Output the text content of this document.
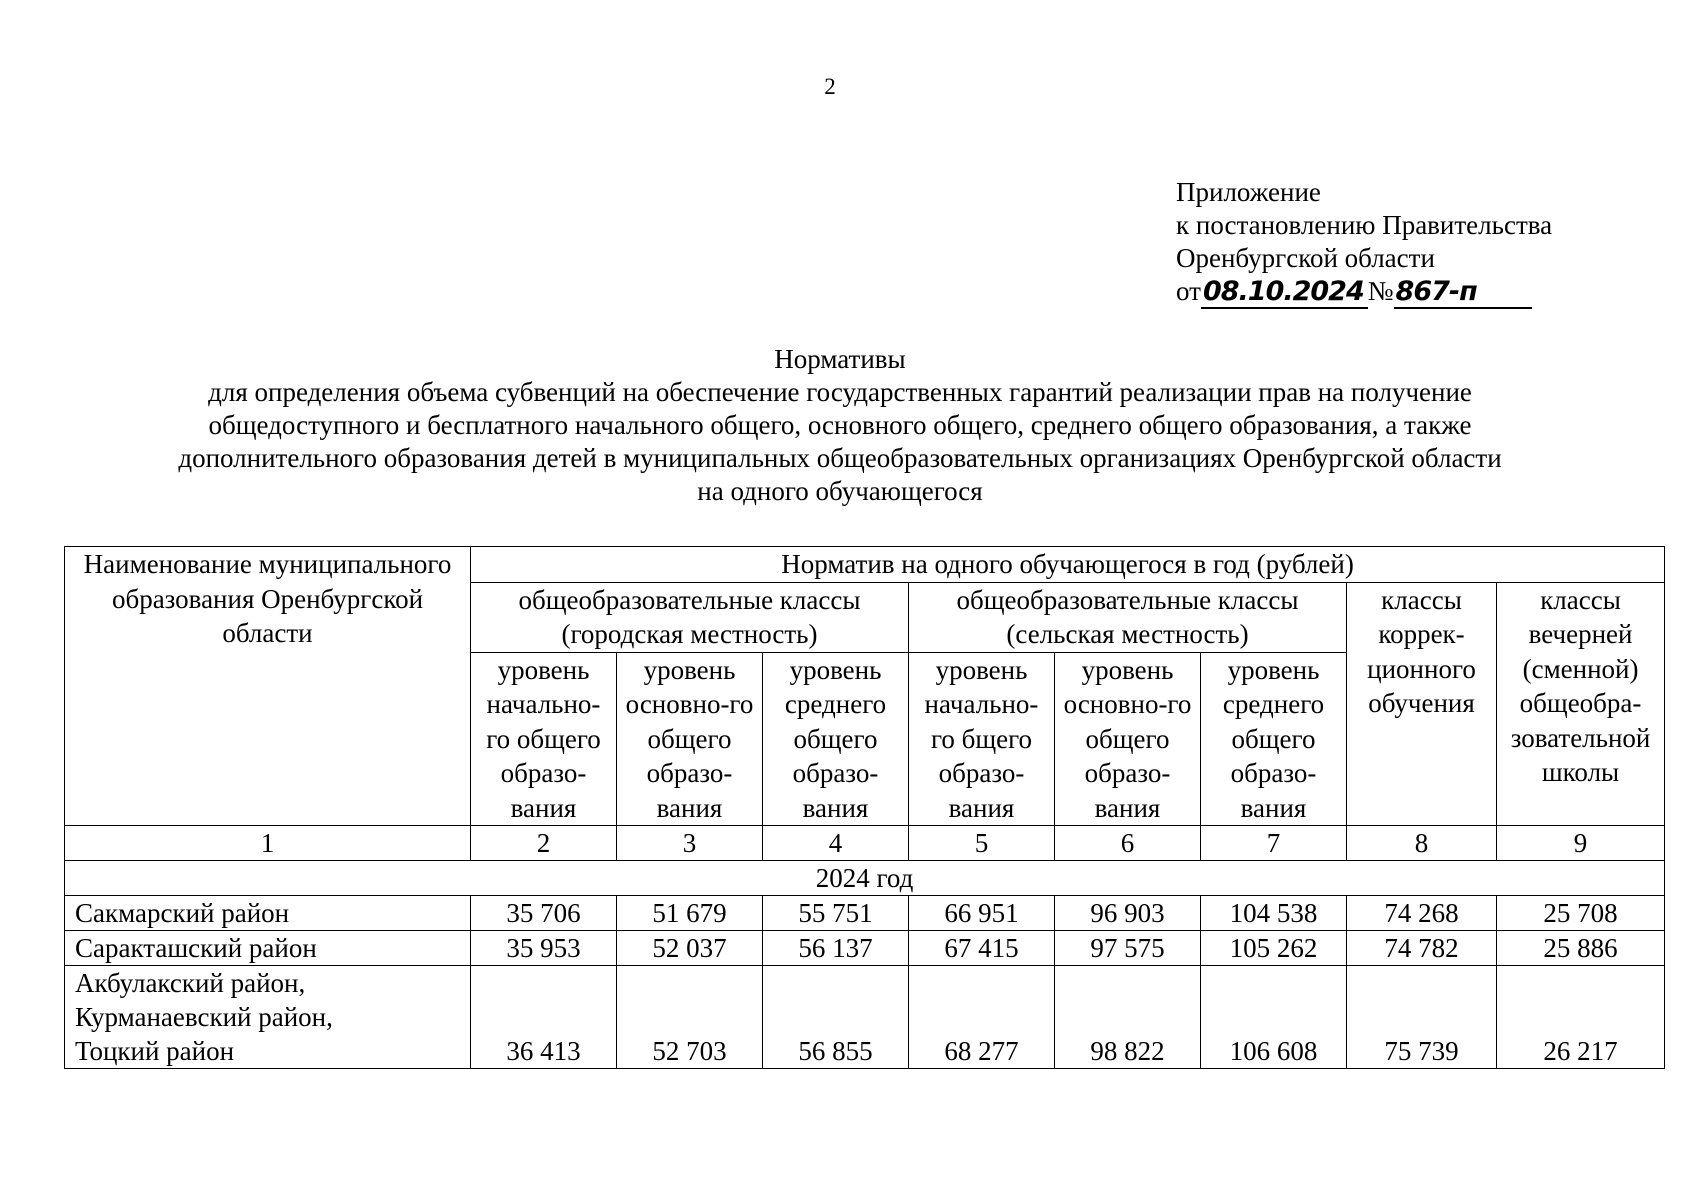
2
Приложение
к постановлению Правительства
Оренбургской области
от08.10.2024 №867-п
Нормативы
для определения объема субвенций на обеспечение государственных гарантий реализации прав на получение
общедоступного и бесплатного начального общего, основного общего, среднего общего образования, а также
дополнительного образования детей в муниципальных общеобразовательных организациях Оренбургской области
на одного обучающегося
Наименование муниципального образования Оренбургской области	Норматив на одного обучающегося в год (рублей)							
	общеобразовательные классы (городская местность)			общеобразовательные классы (сельская местность)			классы коррек-ционного обучения	классы вечерней (сменной) общеобра-зовательной школы
	уровень начально-го общего образо-вания	уровень основно-го общего образо-вания	уровень среднего общего образо-вания	уровень начально-го бщего образо-вания	уровень основно-го общего образо-вания	уровень среднего общего образо-вания		
1	2	3	4	5	6	7	8	9
2024 год								
Сакмарский район	35 706	51 679	55 751	66 951	96 903	104 538	74 268	25 708
Саракташский район	35 953	52 037	56 137	67 415	97 575	105 262	74 782	25 886

Акбулакский район,
Курманаевский район,
Тоцкий район	36 413	52 703	56 855	68 277	98 822	106 608	75 739	26 217
